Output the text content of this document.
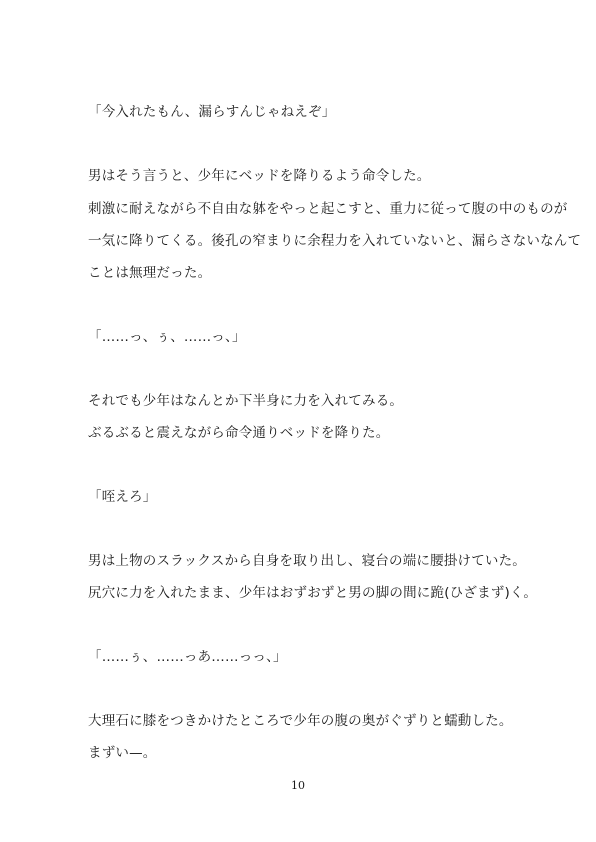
「今入れたもん、漏らすんじゃねえぞ」
男はそう言うと、少年にベッドを降りるよう命令した。
刺激に耐えながら不自由な躰をやっと起こすと、重力に従って腹の中のものが
一気に降りてくる。後孔の窄まりに余程力を入れていないと、漏らさないなんて
ことは無理だった。
「……っ、ぅ、……っ、」
それでも少年はなんとか下半身に力を入れてみる。
ぶるぶると震えながら命令通りベッドを降りた。
「咥えろ」
男は上物のスラックスから自身を取り出し、寝台の端に腰掛けていた。
尻穴に力を入れたまま、少年はおずおずと男の脚の間に跪(ひざまず)く。
「……ぅ、……っあ……っっ、」
大理石に膝をつきかけたところで少年の腹の奥がぐずりと蠕動した。
まずい—。
10
